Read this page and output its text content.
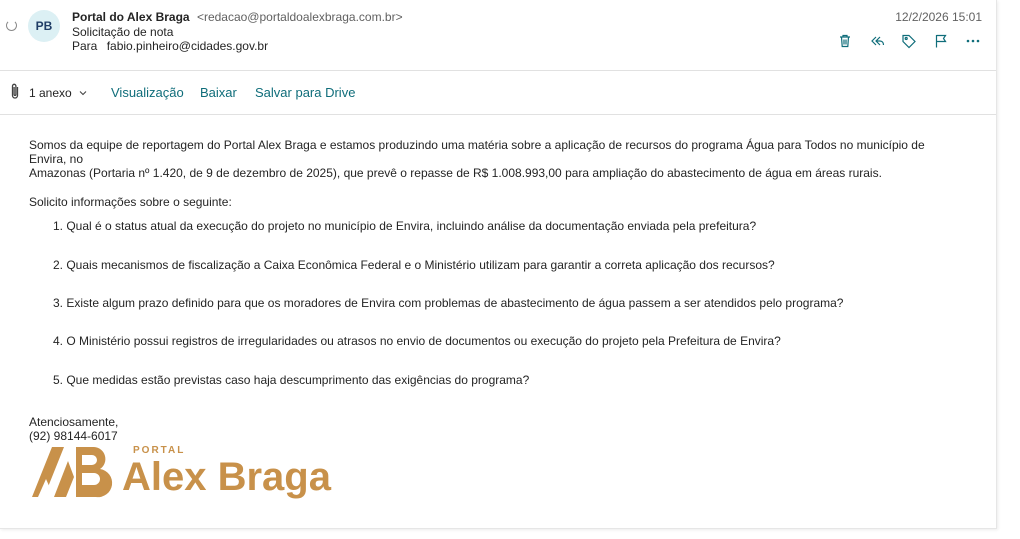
PB
Portal do Alex Braga <redacao@portaldoalexbraga.com.br>
Solicitação de nota
Para fabio.pinheiro@cidades.gov.br
12/2/2026 15:01
1 anexo	Visualização Baixar Salvar para Drive

Somos da equipe de reportagem do Portal Alex Braga e estamos produzindo uma matéria sobre a aplicação de recursos do programa Água para Todos no município de Envira, no

Amazonas (Portaria nº 1.420, de 9 de dezembro de 2025), que prevê o repasse de R$ 1.008.993,00 para ampliação do abastecimento de água em áreas rurais.

Solicito informações sobre o seguinte:

1. Qual é o status atual da execução do projeto no município de Envira, incluindo análise da documentação enviada pela prefeitura?
2. Quais mecanismos de fiscalização a Caixa Econômica Federal e o Ministério utilizam para garantir a correta aplicação dos recursos?
3. Existe algum prazo definido para que os moradores de Envira com problemas de abastecimento de água passem a ser atendidos pelo programa?
4. O Ministério possui registros de irregularidades ou atrasos no envio de documentos ou execução do projeto pela Prefeitura de Envira?
5. Que medidas estão previstas caso haja descumprimento das exigências do programa?
Atenciosamente,
(92) 98144-6017
PORTAL
Alex Braga
